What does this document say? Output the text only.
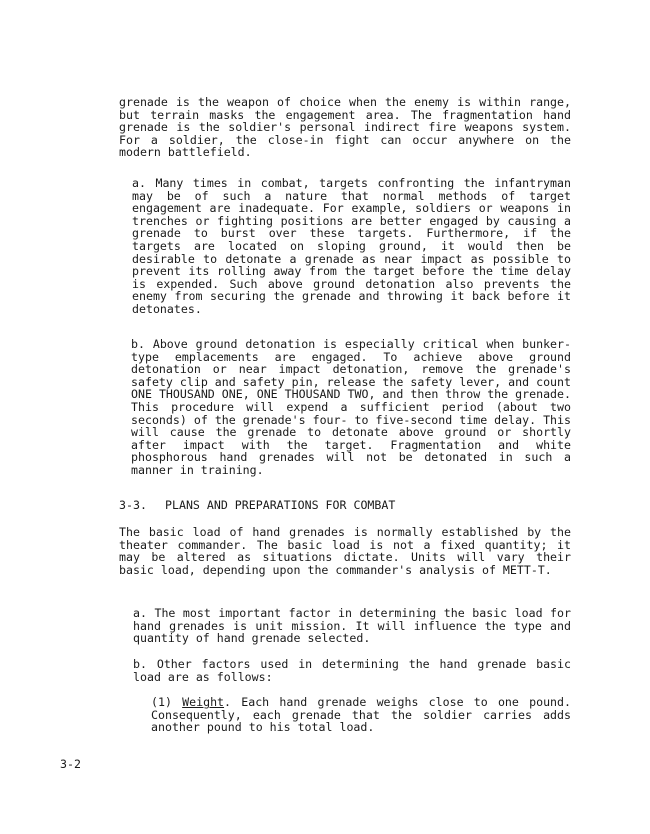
grenade is the weapon of choice when the enemy is within range, but terrain masks the engagement area. The fragmentation hand grenade is the soldier's personal indirect fire weapons system. For a soldier, the close-in fight can occur anywhere on the modern battlefield.

a. Many times in combat, targets confronting the infantryman may be of such a nature that normal methods of target engagement are inadequate. For example, soldiers or weapons in trenches or fighting positions are better engaged by causing a grenade to burst over these targets. Furthermore, if the targets are located on sloping ground, it would then be desirable to detonate a grenade as near impact as possible to prevent its rolling away from the target before the time delay is expended. Such above ground detonation also prevents the enemy from securing the grenade and throwing it back before it detonates.

b. Above ground detonation is especially critical when bunker-type emplacements are engaged. To achieve above ground detonation or near impact detonation, remove the grenade's safety clip and safety pin, release the safety lever, and count ONE THOUSAND ONE, ONE THOUSAND TWO, and then throw the grenade. This procedure will expend a sufficient period (about two seconds) of the grenade's four- to five-second time delay. This will cause the grenade to detonate above ground or shortly after impact with the target. Fragmentation and white phosphorous hand grenades will not be detonated in such a manner in training.

3-3. PLANS AND PREPARATIONS FOR COMBAT

The basic load of hand grenades is normally established by the theater commander. The basic load is not a fixed quantity; it may be altered as situations dictate. Units will vary their basic load, depending upon the commander's analysis of METT-T.

a. The most important factor in determining the basic load for hand grenades is unit mission. It will influence the type and quantity of hand grenade selected.

b. Other factors used in determining the hand grenade basic load are as follows:

(1) Weight. Each hand grenade weighs close to one pound. Consequently, each grenade that the soldier carries adds another pound to his total load.

3-2
